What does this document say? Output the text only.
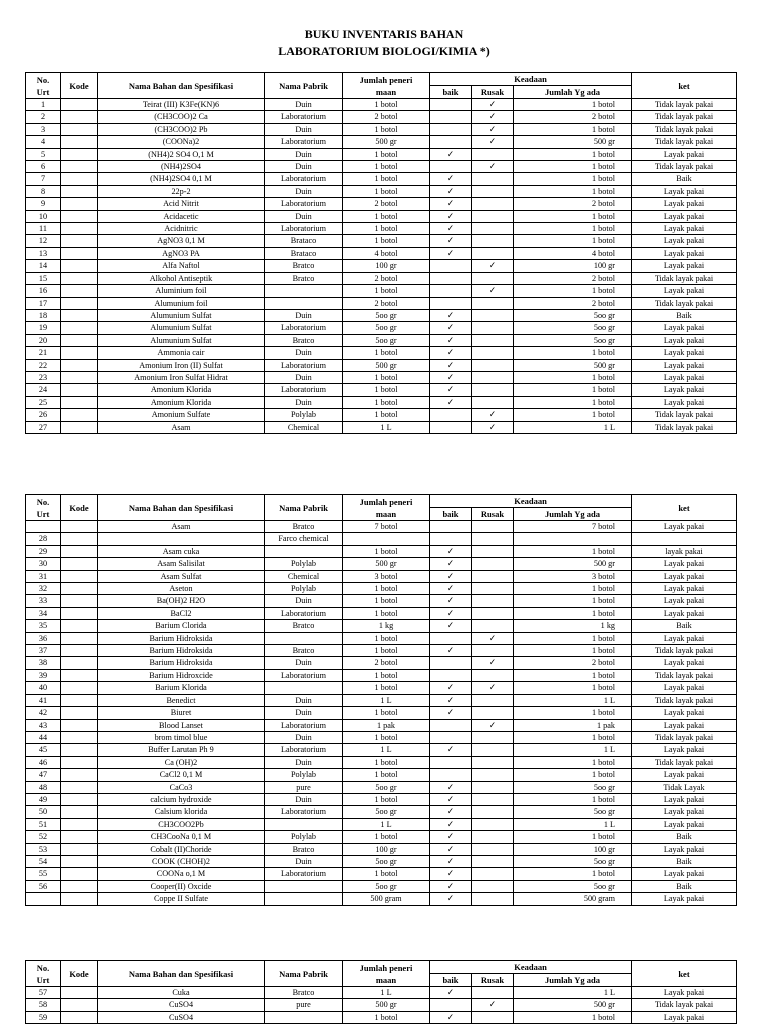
BUKU INVENTARIS BAHAN
LABORATORIUM BIOLOGI/KIMIA *)
No.
Urt	Kode	Nama Bahan dan Spesifikasi	Nama Pabrik	Jumlah peneri
maan	Keadaan			ket
					baik	Rusak	Jumlah Yg ada	
1		Teirat (III) K3Fe(KN)6	Duin	1 botol		✓	1 botol	Tidak layak pakai
2		(CH3COO)2 Ca	Laboratorium	2 botol		✓	2 botol	Tidak layak pakai
3		(CH3COO)2 Pb	Duin	1 botol		✓	1 botol	Tidak layak pakai
4		(COONa)2	Laboratorium	500 gr		✓	500 gr	Tidak layak pakai
5		(NH4)2 SO4 O,1 M	Duin	1 botol	✓		1 botol	Layak pakai
6		(NH4)2SO4	Duin	1 botol		✓	1 botol	Tidak layak pakai
7		(NH4)2SO4 0,1 M	Laboratorium	1 botol	✓		1 botol	Baik
8		22p-2	Duin	1 botol	✓		1 botol	Layak pakai
9		Acid Nitrit	Laboratorium	2 botol	✓		2 botol	Layak pakai
10		Acidacetic	Duin	1 botol	✓		1 botol	Layak pakai
11		Acidnitric	Laboratorium	1 botol	✓		1 botol	Layak pakai
12		AgNO3 0,1 M	Brataco	1 botol	✓		1 botol	Layak pakai
13		AgNO3 PA	Brataco	4 botol	✓		4 botol	Layak pakai
14		Alfa Naftol	Bratco	100 gr		✓	100 gr	Layak pakai
15		Alkohol Antiseptik	Bratco	2 botol			2 botol	Tidak layak pakai
16		Aluminium foil		1 botol		✓	1 botol	Layak pakai
17		Alumunium foil		2 botol			2 botol	Tidak layak pakai
18		Alumunium Sulfat	Duin	5oo gr	✓		5oo gr	Baik
19		Alumunium Sulfat	Laboratorium	5oo gr	✓		5oo gr	Layak pakai
20		Alumunium Sulfat	Bratco	5oo gr	✓		5oo gr	Layak pakai
21		Ammonia cair	Duin	1 botol	✓		1 botol	Layak pakai
22		Amonium Iron (II) Sulfat	Laboratorium	500 gr	✓		500 gr	Layak pakai
23		Amonium Iron Sulfat Hidrat	Duin	1 botol	✓		1 botol	Layak pakai
24		Amonium Klorida	Laboratorium	1 botol	✓		1 botol	Layak pakai
25		Amonium Klorida	Duin	1 botol	✓		1 botol	Layak pakai
26		Amonium Sulfate	Polylab	1 botol		✓	1 botol	Tidak layak pakai
27		Asam	Chemical	1 L		✓	1 L	Tidak layak pakai
No.
Urt	Kode	Nama Bahan dan Spesifikasi	Nama Pabrik	Jumlah peneri
maan	Keadaan			ket
					baik	Rusak	Jumlah Yg ada	
		Asam	Bratco	7 botol			7 botol	Layak pakai
28			Farco chemical					
29		Asam cuka		1 botol	✓		1 botol	layak pakai
30		Asam Salisilat	Polylab	500 gr	✓		500 gr	Layak pakai
31		Asam Sulfat	Chemical	3 botol	✓		3 botol	Layak pakai
32		Aseton	Polylab	1 botol	✓		1 botol	Layak pakai
33		Ba(OH)2 H2O	Duin	1 botol	✓		1 botol	Layak pakai
34		BaCl2	Laboratorium	1 botol	✓		1 botol	Layak pakai
35		Barium Clorida	Bratco	1 kg	✓		1 kg	Baik
36		Barium Hidroksida		1 botol		✓	1 botol	Layak pakai
37		Barium Hidroksida	Bratco	1 botol	✓		1 botol	Tidak layak pakai
38		Barium Hidroksida	Duin	2 botol		✓	2 botol	Layak pakai
39		Barium Hidroxcide	Laboratorium	1 botol			1 botol	Tidak layak pakai
40		Barium Klorida		1 botol	✓	✓	1 botol	Layak pakai
41		Benedict	Duin	1 L	✓		1 L	Tidak layak pakai
42		Biuret	Duin	1 botol	✓		1 botol	Layak pakai
43		Blood Lanset	Laboratorium	1 pak		✓	1 pak	Layak pakai
44		brom timol blue	Duin	1 botol			1 botol	Tidak layak pakai
45		Buffer Larutan Ph 9	Laboratorium	1 L	✓		1 L	Layak pakai
46		Ca (OH)2	Duin	1 botol			1 botol	Tidak layak pakai
47		CaCl2 0,1 M	Polylab	1 botol			1 botol	Layak pakai
48		CaCo3	pure	5oo gr	✓		5oo gr	Tidak Layak
49		calcium hydroxide	Duin	1 botol	✓		1 botol	Layak pakai
50		Calsium klorida	Laboratorium	5oo gr	✓		5oo gr	Layak pakai
51		CH3COO2Pb		1 L	✓		1 L	Layak pakai
52		CH3CooNa 0,1 M	Polylab	1 botol	✓		1 botol	Baik
53		Cobalt (II)Choride	Bratco	100 gr	✓		100 gr	Layak pakai
54		COOK (CHOH)2	Duin	5oo gr	✓		5oo gr	Baik
55		COONa o,1 M	Laboratorium	1 botol	✓		1 botol	Layak pakai
56		Cooper(II) Oxcide		5oo gr	✓		5oo gr	Baik
		Coppe II Sulfate		500 gram	✓		500 gram	Layak pakai
No.
Urt	Kode	Nama Bahan dan Spesifikasi	Nama Pabrik	Jumlah peneri
maan	Keadaan			ket
					baik	Rusak	Jumlah Yg ada	
57		Cuka	Bratco	1 L	✓		1 L	Layak pakai
58		CuSO4	pure	500 gr		✓	500 gr	Tidak layak pakai
59		CuSO4		1 botol	✓		1 botol	Layak pakai
